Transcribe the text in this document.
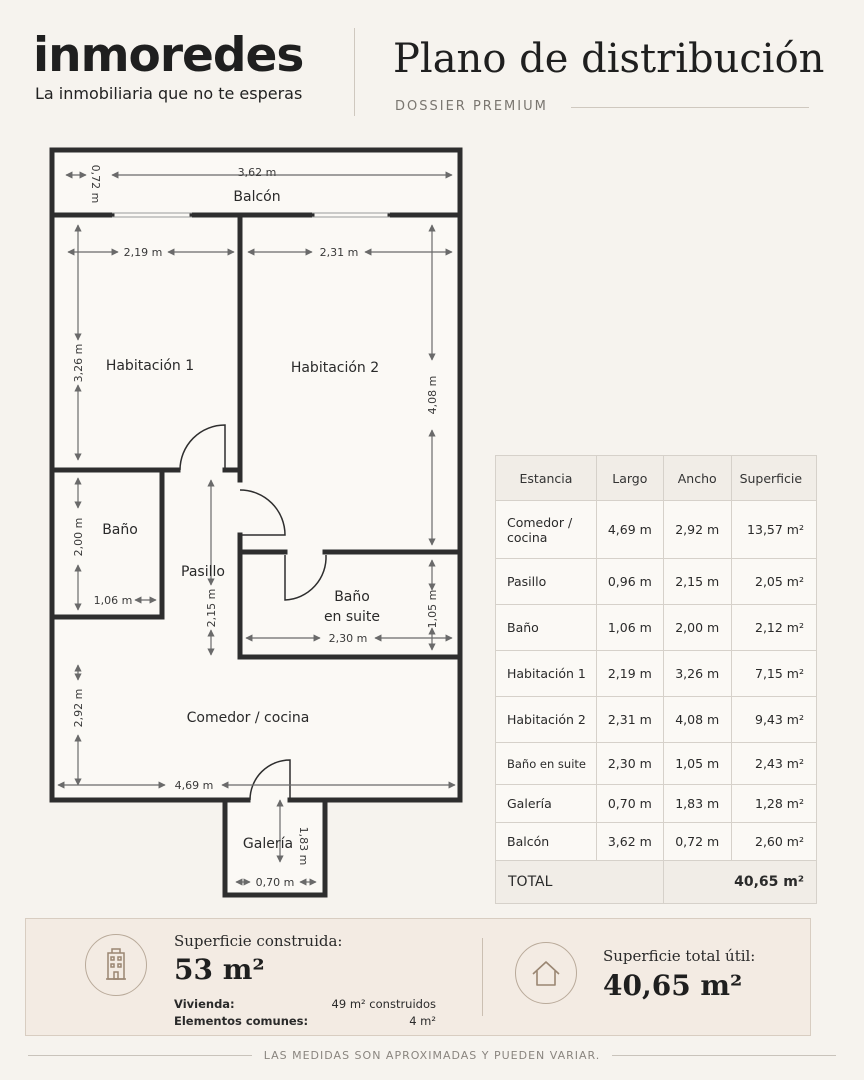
inmoredes
La inmobiliaria que no te esperas
Plano de distribución
DOSSIER PREMIUM
Balcón
Habitación 1	Habitación 2
Baño
Pasillo
Baño
en suite
Comedor / cocina
Galería
0,72 m	3,62 m
2,19 m
3,26 m
2,31 m
4,08 m
2,00 m
1,06 m	2,15 m
2,30 m
1,05 m
2,92 m
4,69 m
1,83 m
0,70 m
Estancia	Largo	Ancho	Superficie
Comedor /
cocina	4,69 m	2,92 m	13,57 m²
Pasillo	0,96 m	2,15 m	2,05 m²
Baño	1,06 m	2,00 m	2,12 m²
Habitación 1	2,19 m	3,26 m	7,15 m²
Habitación 2	2,31 m	4,08 m	9,43 m²
Baño en suite	2,30 m	1,05 m	2,43 m²
Galería	0,70 m	1,83 m	1,28 m²
Balcón	3,62 m	0,72 m	2,60 m²
TOTAL		40,65 m²	
Superficie construida:
53 m²
Vivienda:	49 m² construidos
Elementos comunes:	4 m²
Superficie total útil:
40,65 m²
LAS MEDIDAS SON APROXIMADAS Y PUEDEN VARIAR.
